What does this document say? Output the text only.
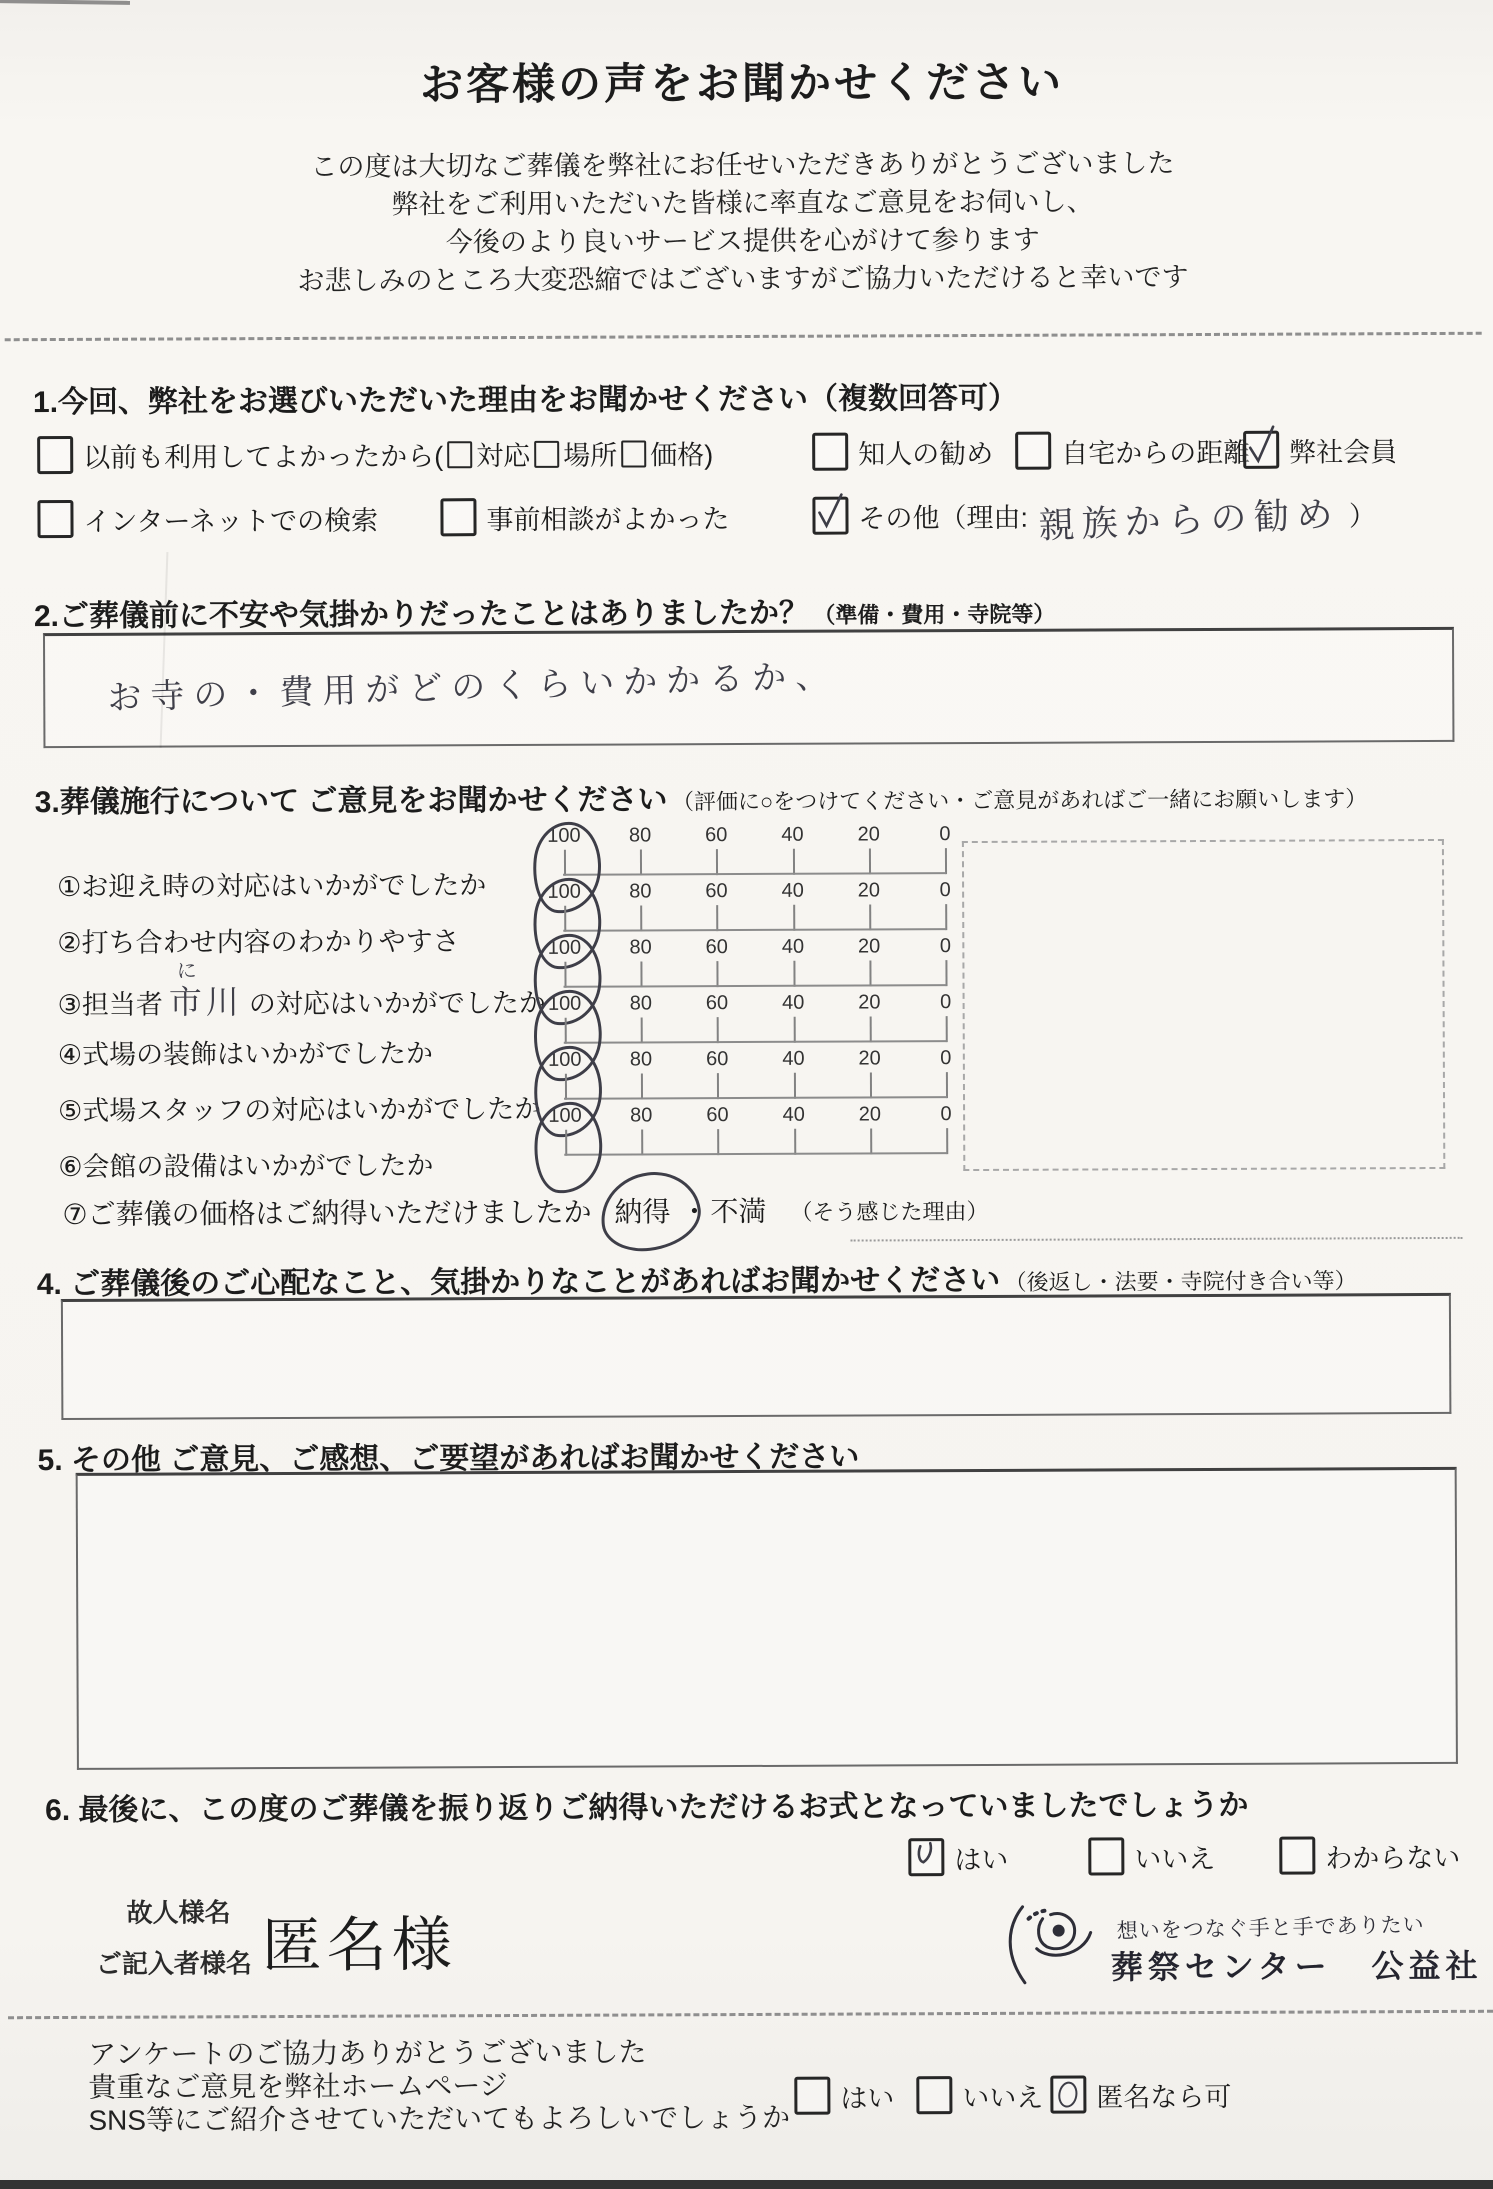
お客様の声をお聞かせください
この度は大切なご葬儀を弊社にお任せいただきありがとうございました
弊社をご利用いただいた皆様に率直なご意見をお伺いし、
今後のより良いサービス提供を心がけて参ります
お悲しみのところ大変恐縮ではございますがご協力いただけると幸いです
1.今回、弊社をお選びいただいた理由をお聞かせください（複数回答可）
以前も利用してよかったから( 対応 場所 価格)	知人の勧め	自宅からの距離 弊社会員
インターネットでの検索	事前相談がよかった	その他（理由: 親族からの勧め ）
2.ご葬儀前に不安や気掛かりだったことはありましたか？ （準備・費用・寺院等）
お寺の・費用がどのくらいかかるか、
3.葬儀施行について ご意見をお聞かせください （評価に○をつけてください・ご意見があればご一緒にお願いします）
①お迎え時の対応はいかがでしたか
100	80	60	40	20	0
②打ち合わせ内容のわかりやすさ
100	80	60	40	20	0
③担当者
に
市川 の対応はいかがでしたか
100	80	60	40	20	0
④式場の装飾はいかがでしたか
100	80	60	40	20	0
⑤式場スタッフの対応はいかがでしたか
100	80	60	40	20	0
⑥会館の設備はいかがでしたか
100	80	60	40	20	0
⑦ご葬儀の価格はご納得いただけましたか 納得 ・ 不満 （そう感じた理由）
4. ご葬儀後のご心配なこと、気掛かりなことがあればお聞かせください （後返し・法要・寺院付き合い等）
5. その他 ご意見、ご感想、ご要望があればお聞かせください
6. 最後に、この度のご葬儀を振り返りご納得いただけるお式となっていましたでしょうか
はい	いいえ	わからない
故人様名
ご記入者様名 匿名様	想いをつなぐ手と手でありたい
葬祭センター 公益社
アンケートのご協力ありがとうございました
貴重なご意見を弊社ホームページ
SNS等にご紹介させていただいてもよろしいでしょうか
はい	いいえ 匿名なら可
